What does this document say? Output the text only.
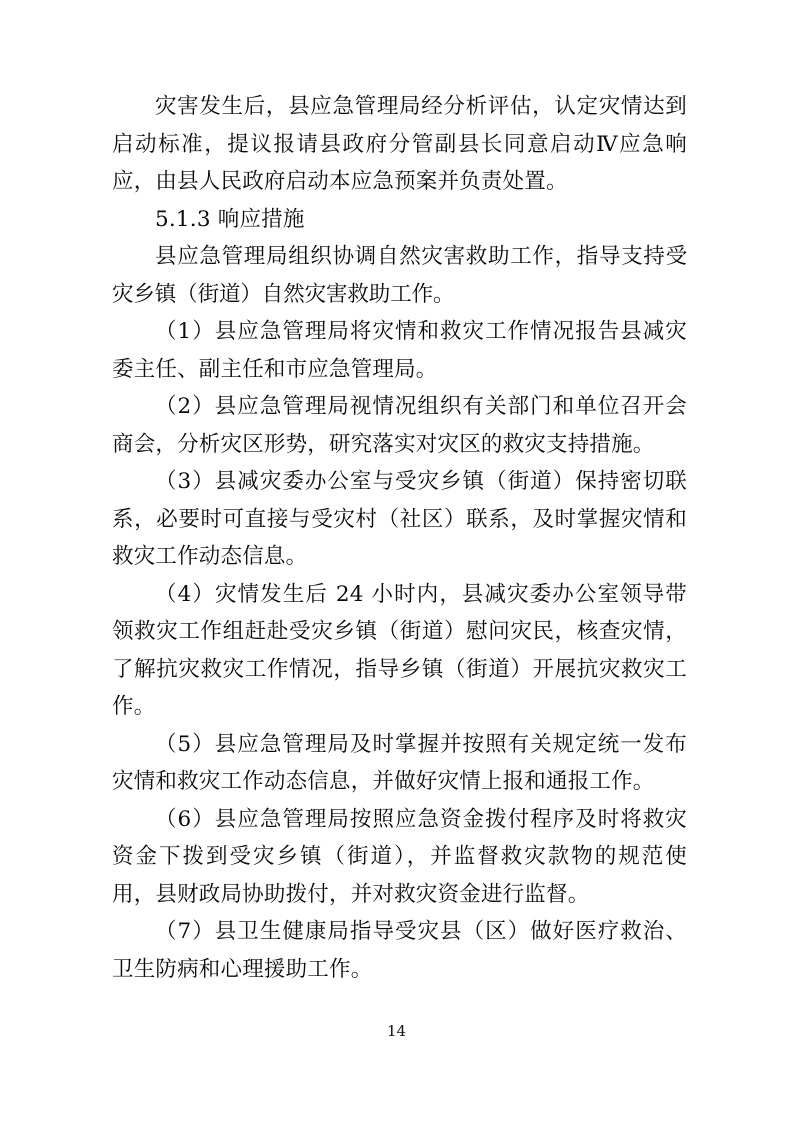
灾害发生后，县应急管理局经分析评估，认定灾情达到启动标准，提议报请县政府分管副县长同意启动Ⅳ应急响应，由县人民政府启动本应急预案并负责处置。

5.1.3 响应措施

县应急管理局组织协调自然灾害救助工作，指导支持受灾乡镇（街道）自然灾害救助工作。

（1）县应急管理局将灾情和救灾工作情况报告县减灾委主任、副主任和市应急管理局。

（2）县应急管理局视情况组织有关部门和单位召开会商会，分析灾区形势，研究落实对灾区的救灾支持措施。

（3）县减灾委办公室与受灾乡镇（街道）保持密切联系，必要时可直接与受灾村（社区）联系，及时掌握灾情和救灾工作动态信息。

（4）灾情发生后 24 小时内，县减灾委办公室领导带领救灾工作组赶赴受灾乡镇（街道）慰问灾民，核查灾情，了解抗灾救灾工作情况，指导乡镇（街道）开展抗灾救灾工作。

（5）县应急管理局及时掌握并按照有关规定统一发布灾情和救灾工作动态信息，并做好灾情上报和通报工作。

（6）县应急管理局按照应急资金拨付程序及时将救灾资金下拨到受灾乡镇（街道），并监督救灾款物的规范使用，县财政局协助拨付，并对救灾资金进行监督。

（7）县卫生健康局指导受灾县（区）做好医疗救治、卫生防病和心理援助工作。

14
